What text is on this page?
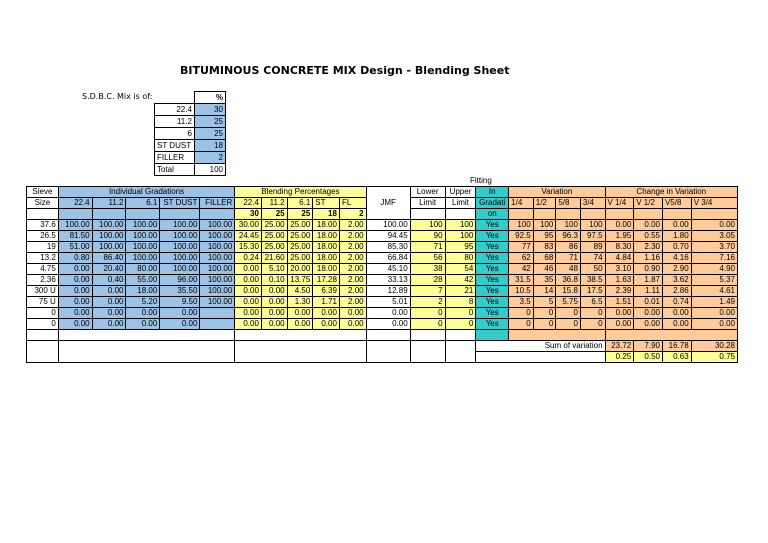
BITUMINOUS CONCRETE MIX Design - Blending Sheet
S.D.B.C. Mix is of:
		%
22.4	30
11.2	25
6	25
ST DUST	18
FILLER	2
Total	100
Sieve	Individual Gradations					Blending Percentages					JMF	Lower	Upper	In	Variation				Change in Variation			
Size	22.4	11.2	6.1	ST DUST	FILLER	22.4	11.2	6.1	ST	FL		Limit	Limit	Gradati	1/4	1/2	5/8	3/4	V 1/4	V 1/2	V5/8	V 3/4
						30	25	25	18	2				on								
37.6	100.00	100.00	100.00	100.00	100.00	30.00	25.00	25.00	18.00	2.00	100.00	100	100	Yes	100	100	100	100	0.00	0.00	0.00	0.00
26.5	81.50	100.00	100.00	100.00	100.00	24.45	25.00	25.00	18.00	2.00	94.45	90	100	Yes	92.5	95	96.3	97.5	1.95	0.55	1.80	3.05
19	51.00	100.00	100.00	100.00	100.00	15.30	25.00	25.00	18.00	2.00	85.30	71	95	Yes	77	83	86	89	8.30	2.30	0.70	3.70
13.2	0.80	86.40	100.00	100.00	100.00	0.24	21.60	25.00	18.00	2.00	66.84	56	80	Yes	62	68	71	74	4.84	1.16	4.16	7.16
4.75	0.00	20.40	80.00	100.00	100.00	0.00	5.10	20.00	18.00	2.00	45.10	38	54	Yes	42	46	48	50	3.10	0.90	2.90	4.90
2.36	0.00	0.40	55.00	96.00	100.00	0.00	0.10	13.75	17.28	2.00	33.13	28	42	Yes	31.5	35	36.8	38.5	1.63	1.87	3.62	5.37
300 U	0.00	0.00	18.00	35.50	100.00	0.00	0.00	4.50	6.39	2.00	12.89	7	21	Yes	10.5	14	15.8	17.5	2.39	1.11	2.86	4.61
75 U	0.00	0.00	5.20	9.50	100.00	0.00	0.00	1.30	1.71	2.00	5.01	2	8	Yes	3.5	5	5.75	6.5	1.51	0.01	0.74	1.49
0	0.00	0.00	0.00	0.00		0.00	0.00	0.00	0.00	0.00	0.00	0	0	Yes	0	0	0	0	0.00	0.00	0.00	0.00
0	0.00	0.00	0.00	0.00		0.00	0.00	0.00	0.00	0.00	0.00	0	0	Yes	0	0	0	0	0.00	0.00	0.00	0.00

														Sum of variation					23.72	7.90	16.78	30.28
																			0.25	0.50	0.63	0.75
Fitting
